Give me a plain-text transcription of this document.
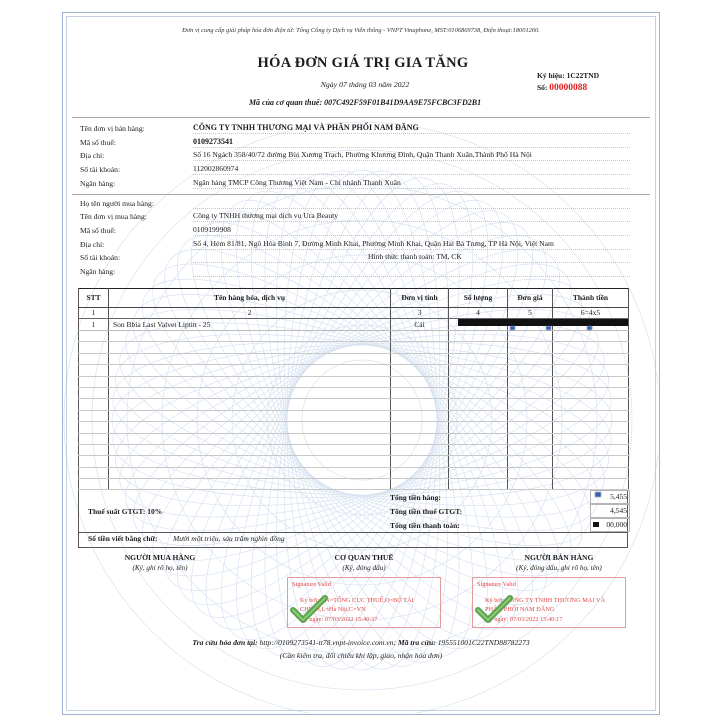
Đơn vị cung cấp giải pháp hóa đơn điện tử: Tổng Công ty Dịch vụ Viễn thông - VNPT Vinaphone, MST:0106869738, Điện thoại:18001260.
HÓA ĐƠN GIÁ TRỊ GIA TĂNG
Ngày 07 tháng 03 năm 2022
Mã của cơ quan thuế: 007C492F59F01B41D9AA9E75FCBC3FD2B1
Ký hiệu: 1C22TND
Số: 00000088
Tên đơn vị bán hàng:	CÔNG TY TNHH THƯƠNG MẠI VÀ PHÂN PHỐI NAM ĐĂNG
Mã số thuế:	0109273541
Địa chỉ:	Số 16 Ngách 358/40/72 đường Bùi Xương Trạch, Phường Khương Đình, Quận Thanh Xuân,Thành Phố Hà Nội
Số tài khoản:	112002860974
Ngân hàng:	Ngân hàng TMCP Công Thương Việt Nam - Chi nhánh Thanh Xuân
Họ tên người mua hàng:
Tên đơn vị mua hàng:	Công ty TNHH thương mại dịch vụ Ura Beauty
Mã số thuế:	0109199908
Địa chỉ:	Số 4, Hẻm 81/81, Ngõ Hòa Bình 7, Đường Minh Khai, Phường Minh Khai, Quận Hai Bà Trưng, TP Hà Nội, Việt Nam
Số tài khoản:	Hình thức thanh toán: TM, CK
Ngân hàng:
STT	Tên hàng hóa, dịch vụ	Đơn vị tính	Số lượng	Đơn giá	Thành tiền
1	2	3	4	5	6=4x5
1	Son Bbia Last Valvet Liptin - 25	Cái			

Tổng tiền hàng:	5,455
Thuế suất GTGT: 10%	Tổng tiền thuế GTGT:	4,545
Tổng tiền thanh toán:	00,000
Số tiền viết bằng chữ: Mười một triệu, sáu trăm nghìn đồng
NGƯỜI MUA HÀNG
(Ký, ghi rõ họ, tên)
CƠ QUAN THUẾ
(Ký, đóng dấu)
NGƯỜI BÁN HÀNG
(Ký, đóng dấu, ghi rõ họ, tên)
Signature Valid
Ký bởi: CN=TỔNG CỤC THUẾ,O=BỘ TÀI CHÍNH,L=Hà Nội,C=VN
Ký ngày: 07/03/2022 15:40:37
Signature Valid
Ký bởi: CÔNG TY TNHH THƯƠNG MẠI VÀ PHÂN PHỐI NAM ĐĂNG
Ký ngày: 07/03/2022 15:40:17
Tra cứu hóa đơn tại: http://0109273541-tt78.vnpt-invoice.com.vn; Mã tra cứu: 195551001C22TND88782273
(Cần kiểm tra, đối chiếu khi lập, giao, nhận hóa đơn)
